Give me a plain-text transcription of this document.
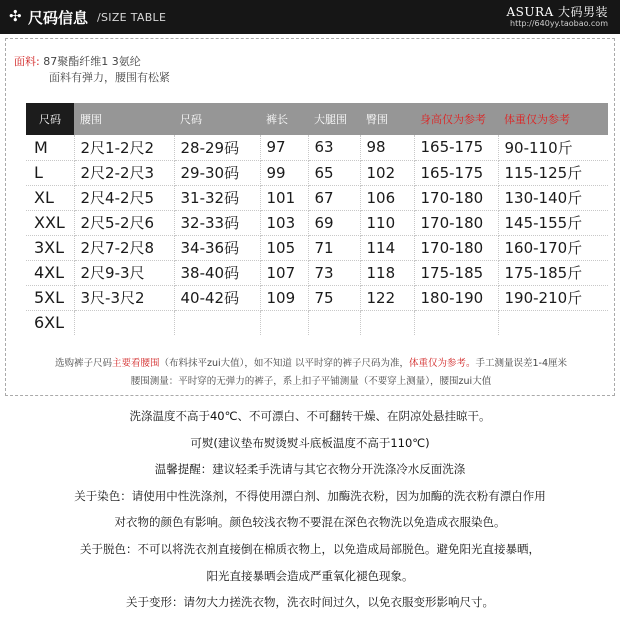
✣ 尺码信息 /SIZE TABLE	ASURA 大码男装
http://640yy.taobao.com
面料: 87聚酯纤维1 3氨纶
面料有弹力，腰围有松紧
尺码	腰围	尺码	裤长	大腿围	臀围	身高仅为参考	体重仅为参考
M	2尺1-2尺2	28-29码	97	63	98	165-175	90-110斤
L	2尺2-2尺3	29-30码	99	65	102	165-175	115-125斤
XL	2尺4-2尺5	31-32码	101	67	106	170-180	130-140斤
XXL	2尺5-2尺6	32-33码	103	69	110	170-180	145-155斤
3XL	2尺7-2尺8	34-36码	105	71	114	170-180	160-170斤
4XL	2尺9-3尺	38-40码	107	73	118	175-185	175-185斤
5XL	3尺-3尺2	40-42码	109	75	122	180-190	190-210斤
6XL							
选购裤子尺码主要看腰围（布料抹平zui大值），如不知道 以平时穿的裤子尺码为准，体重仅为参考。手工测量误差1-4厘米
腰围测量：平时穿的无弹力的裤子，系上扣子平铺测量（不要穿上测量），腰围zui大值
洗涤温度不高于40℃、不可漂白、不可翻转干燥、在阴凉处悬挂晾干。
可熨(建议垫布熨烫熨斗底板温度不高于110℃)
温馨提醒：建议轻柔手洗请与其它衣物分开洗涤冷水反面洗涤
关于染色：请使用中性洗涤剂，不得使用漂白剂、加酶洗衣粉，因为加酶的洗衣粉有漂白作用
对衣物的颜色有影响。颜色较浅衣物不要混在深色衣物洗以免造成衣服染色。
关于脱色：不可以将洗衣剂直接倒在棉质衣物上，以免造成局部脱色。避免阳光直接暴晒，
阳光直接暴晒会造成严重氧化褪色现象。
关于变形：请勿大力搓洗衣物，洗衣时间过久，以免衣服变形影响尺寸。
